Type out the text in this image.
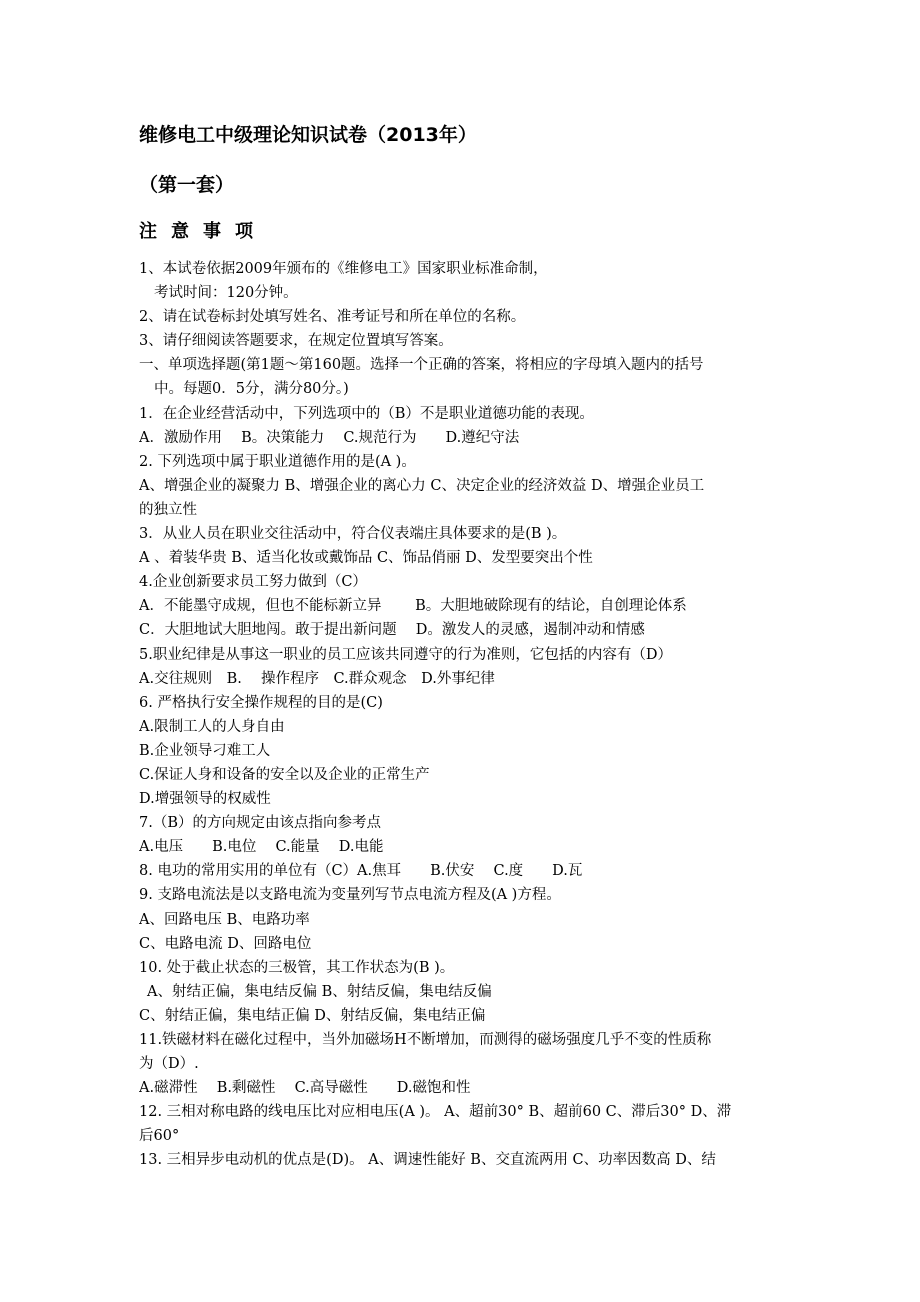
维修电工中级理论知识试卷（2013年）
（第一套）
注意事项
1、本试卷依据2009年颁布的《维修电工》国家职业标准命制，
考试时间：120分钟。
2、请在试卷标封处填写姓名、准考证号和所在单位的名称。
3、请仔细阅读答题要求，在规定位置填写答案。
一、单项选择题(第1题～第160题。选择一个正确的答案，将相应的字母填入题内的括号
中。每题0．5分，满分80分。)
1．在企业经营活动中，下列选项中的（B）不是职业道德功能的表现。
A．激励作用　 B。决策能力　 C.规范行为　　D.遵纪守法
2. 下列选项中属于职业道德作用的是(A )。
A、增强企业的凝聚力 B、增强企业的离心力 C、决定企业的经济效益 D、增强企业员工
的独立性
3．从业人员在职业交往活动中，符合仪表端庄具体要求的是(B )。
A 、着装华贵 B、适当化妆或戴饰品 C、饰品俏丽 D、发型要突出个性
4.企业创新要求员工努力做到（C）
A．不能墨守成规，但也不能标新立异　　 B。大胆地破除现有的结论，自创理论体系
C．大胆地试大胆地闯。敢于提出新问题　 D。激发人的灵感，遏制冲动和情感
5.职业纪律是从事这一职业的员工应该共同遵守的行为准则，它包括的内容有（D）
A.交往规则　B.　 操作程序　C.群众观念　D.外事纪律
6. 严格执行安全操作规程的目的是(C)
A.限制工人的人身自由
B.企业领导刁难工人
C.保证人身和设备的安全以及企业的正常生产
D.增强领导的权威性
7.（B）的方向规定由该点指向参考点
A.电压　　B.电位　 C.能量　 D.电能
8. 电功的常用实用的单位有（C）A.焦耳　　B.伏安　 C.度　　D.瓦
9. 支路电流法是以支路电流为变量列写节点电流方程及(A )方程。
A、回路电压 B、电路功率
C、电路电流 D、回路电位
10. 处于截止状态的三极管，其工作状态为(B )。
A、射结正偏，集电结反偏 B、射结反偏，集电结反偏
C、射结正偏，集电结正偏 D、射结反偏，集电结正偏
11.铁磁材料在磁化过程中，当外加磁场H不断增加，而测得的磁场强度几乎不变的性质称
为（D）.
A.磁滞性　 B.剩磁性　 C.高导磁性　　D.磁饱和性
12. 三相对称电路的线电压比对应相电压(A )。 A、超前30° B、超前60 C、滞后30° D、滞
后60°
13. 三相异步电动机的优点是(D)。 A、调速性能好 B、交直流两用 C、功率因数高 D、结
